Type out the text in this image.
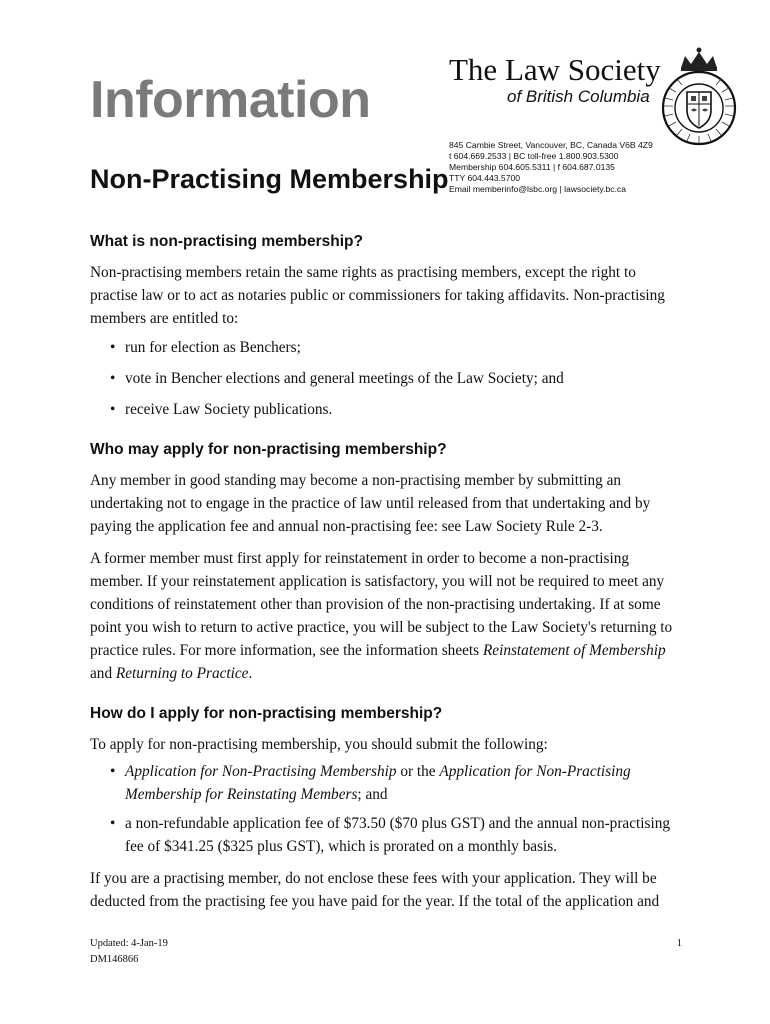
Information
Non-Practising Membership
The Law Society
of British Columbia
845 Cambie Street, Vancouver, BC, Canada V6B 4Z9
t 604.669.2533 | BC toll-free 1.800.903.5300
Membership 604.605.5311 | f 604.687.0135
TTY 604.443.5700
Email memberinfo@lsbc.org | lawsociety.bc.ca
What is non-practising membership?

Non-practising members retain the same rights as practising members, except the right to practise law or to act as notaries public or commissioners for taking affidavits. Non-practising members are entitled to:

• run for election as Benchers;
• vote in Bencher elections and general meetings of the Law Society; and
• receive Law Society publications.
Who may apply for non-practising membership?

Any member in good standing may become a non-practising member by submitting an undertaking not to engage in the practice of law until released from that undertaking and by paying the application fee and annual non-practising fee: see Law Society Rule 2-3.

A former member must first apply for reinstatement in order to become a non-practising member. If your reinstatement application is satisfactory, you will not be required to meet any conditions of reinstatement other than provision of the non-practising undertaking. If at some point you wish to return to active practice, you will be subject to the Law Society's returning to practice rules. For more information, see the information sheets Reinstatement of Membership and Returning to Practice.

How do I apply for non-practising membership?

To apply for non-practising membership, you should submit the following:

• Application for Non-Practising Membership or the Application for Non-Practising Membership for Reinstating Members; and
• a non-refundable application fee of $73.50 ($70 plus GST) and the annual non-practising fee of $341.25 ($325 plus GST), which is prorated on a monthly basis.

If you are a practising member, do not enclose these fees with your application. They will be deducted from the practising fee you have paid for the year. If the total of the application and

Updated: 4-Jan-19
DM146866
1
